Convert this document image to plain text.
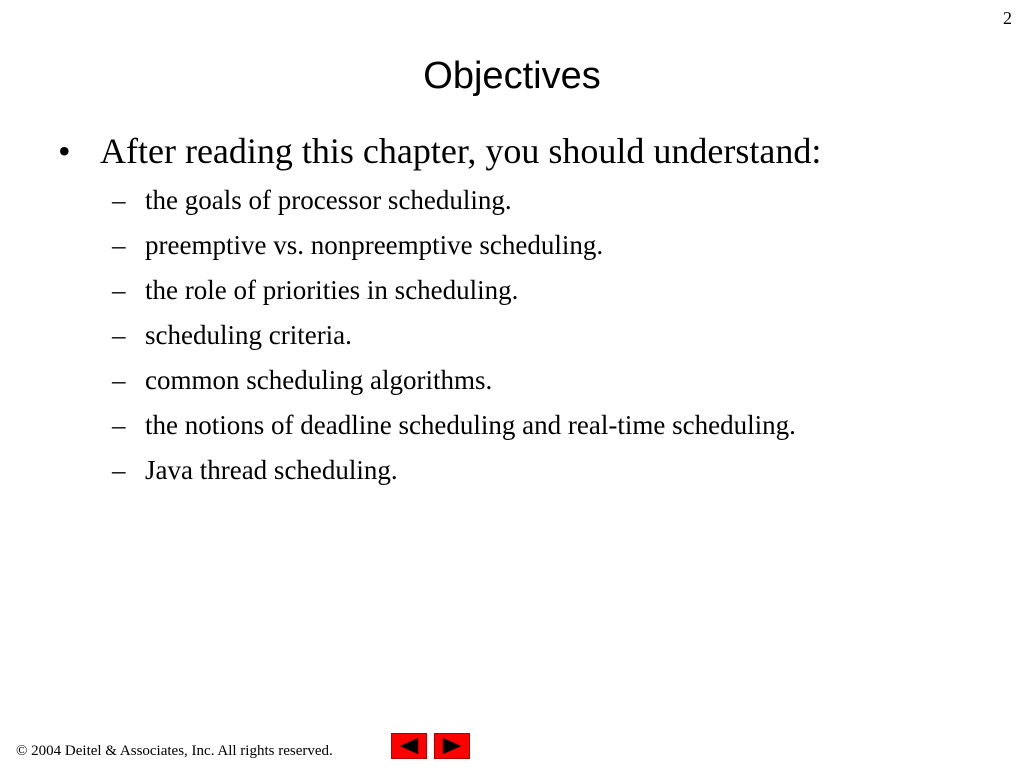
2
Objectives
• After reading this chapter, you should understand:
– the goals of processor scheduling.
– preemptive vs. nonpreemptive scheduling.
– the role of priorities in scheduling.
– scheduling criteria.
– common scheduling algorithms.
– the notions of deadline scheduling and real-time scheduling.
– Java thread scheduling.
© 2004 Deitel & Associates, Inc. All rights reserved.
